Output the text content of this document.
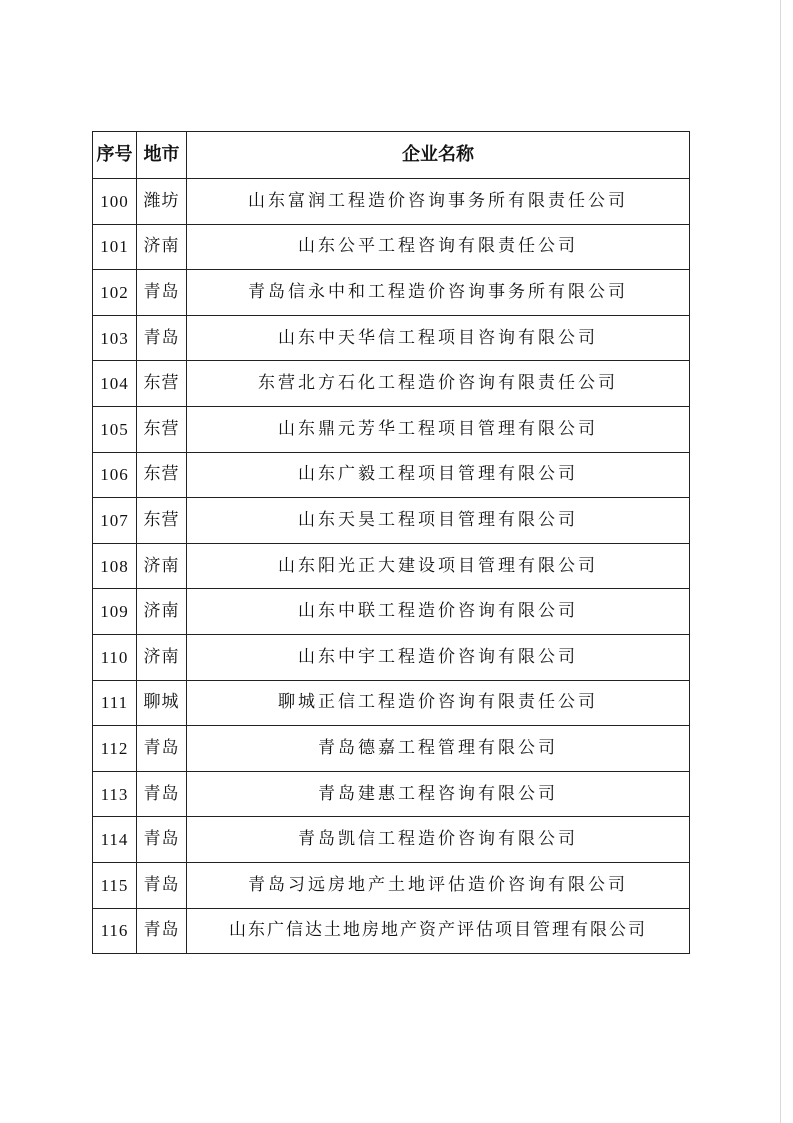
序号	地市	企业名称
100	潍坊	山东富润工程造价咨询事务所有限责任公司
101	济南	山东公平工程咨询有限责任公司
102	青岛	青岛信永中和工程造价咨询事务所有限公司
103	青岛	山东中天华信工程项目咨询有限公司
104	东营	东营北方石化工程造价咨询有限责任公司
105	东营	山东鼎元芳华工程项目管理有限公司
106	东营	山东广毅工程项目管理有限公司
107	东营	山东天昊工程项目管理有限公司
108	济南	山东阳光正大建设项目管理有限公司
109	济南	山东中联工程造价咨询有限公司
110	济南	山东中宇工程造价咨询有限公司
111	聊城	聊城正信工程造价咨询有限责任公司
112	青岛	青岛德嘉工程管理有限公司
113	青岛	青岛建惠工程咨询有限公司
114	青岛	青岛凯信工程造价咨询有限公司
115	青岛	青岛习远房地产土地评估造价咨询有限公司
116	青岛	山东广信达土地房地产资产评估项目管理有限公司
